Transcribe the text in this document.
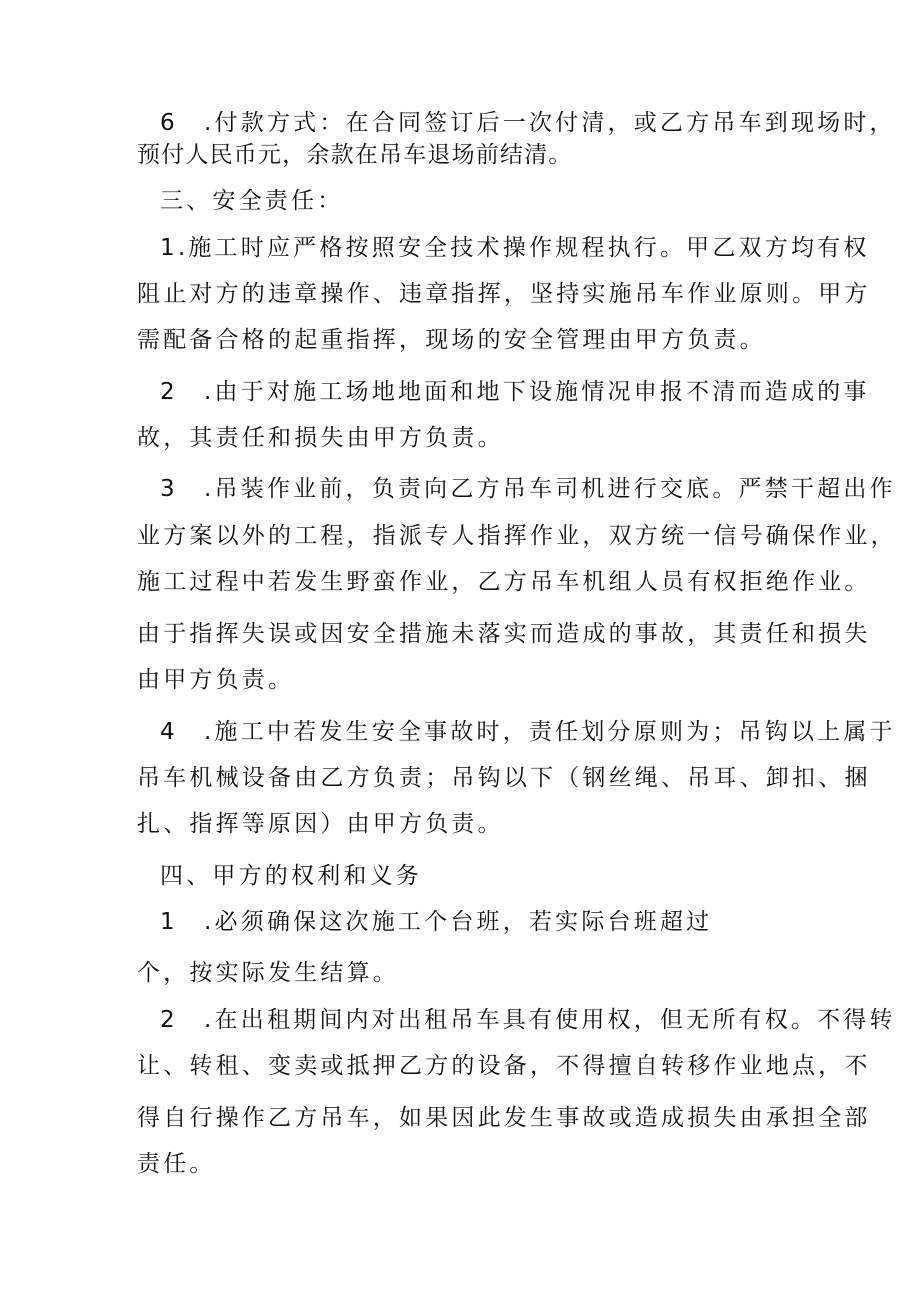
6　.付款方式：在合同签订后一次付清，或乙方吊车到现场时，
预付人民币元，余款在吊车退场前结清。
三、安全责任：
1.施工时应严格按照安全技术操作规程执行。甲乙双方均有权
阻止对方的违章操作、违章指挥，坚持实施吊车作业原则。甲方
需配备合格的起重指挥，现场的安全管理由甲方负责。
2　.由于对施工场地地面和地下设施情况申报不清而造成的事
故，其责任和损失由甲方负责。
3　.吊装作业前，负责向乙方吊车司机进行交底。严禁干超出作
业方案以外的工程，指派专人指挥作业，双方统一信号确保作业，
施工过程中若发生野蛮作业，乙方吊车机组人员有权拒绝作业。
由于指挥失误或因安全措施未落实而造成的事故，其责任和损失
由甲方负责。
4　.施工中若发生安全事故时，责任划分原则为；吊钩以上属于
吊车机械设备由乙方负责；吊钩以下（钢丝绳、吊耳、卸扣、捆
扎、指挥等原因）由甲方负责。
四、甲方的权利和义务
1　.必须确保这次施工个台班，若实际台班超过
个，按实际发生结算。
2　.在出租期间内对出租吊车具有使用权，但无所有权。不得转
让、转租、变卖或抵押乙方的设备，不得擅自转移作业地点，不
得自行操作乙方吊车，如果因此发生事故或造成损失由承担全部
责任。
